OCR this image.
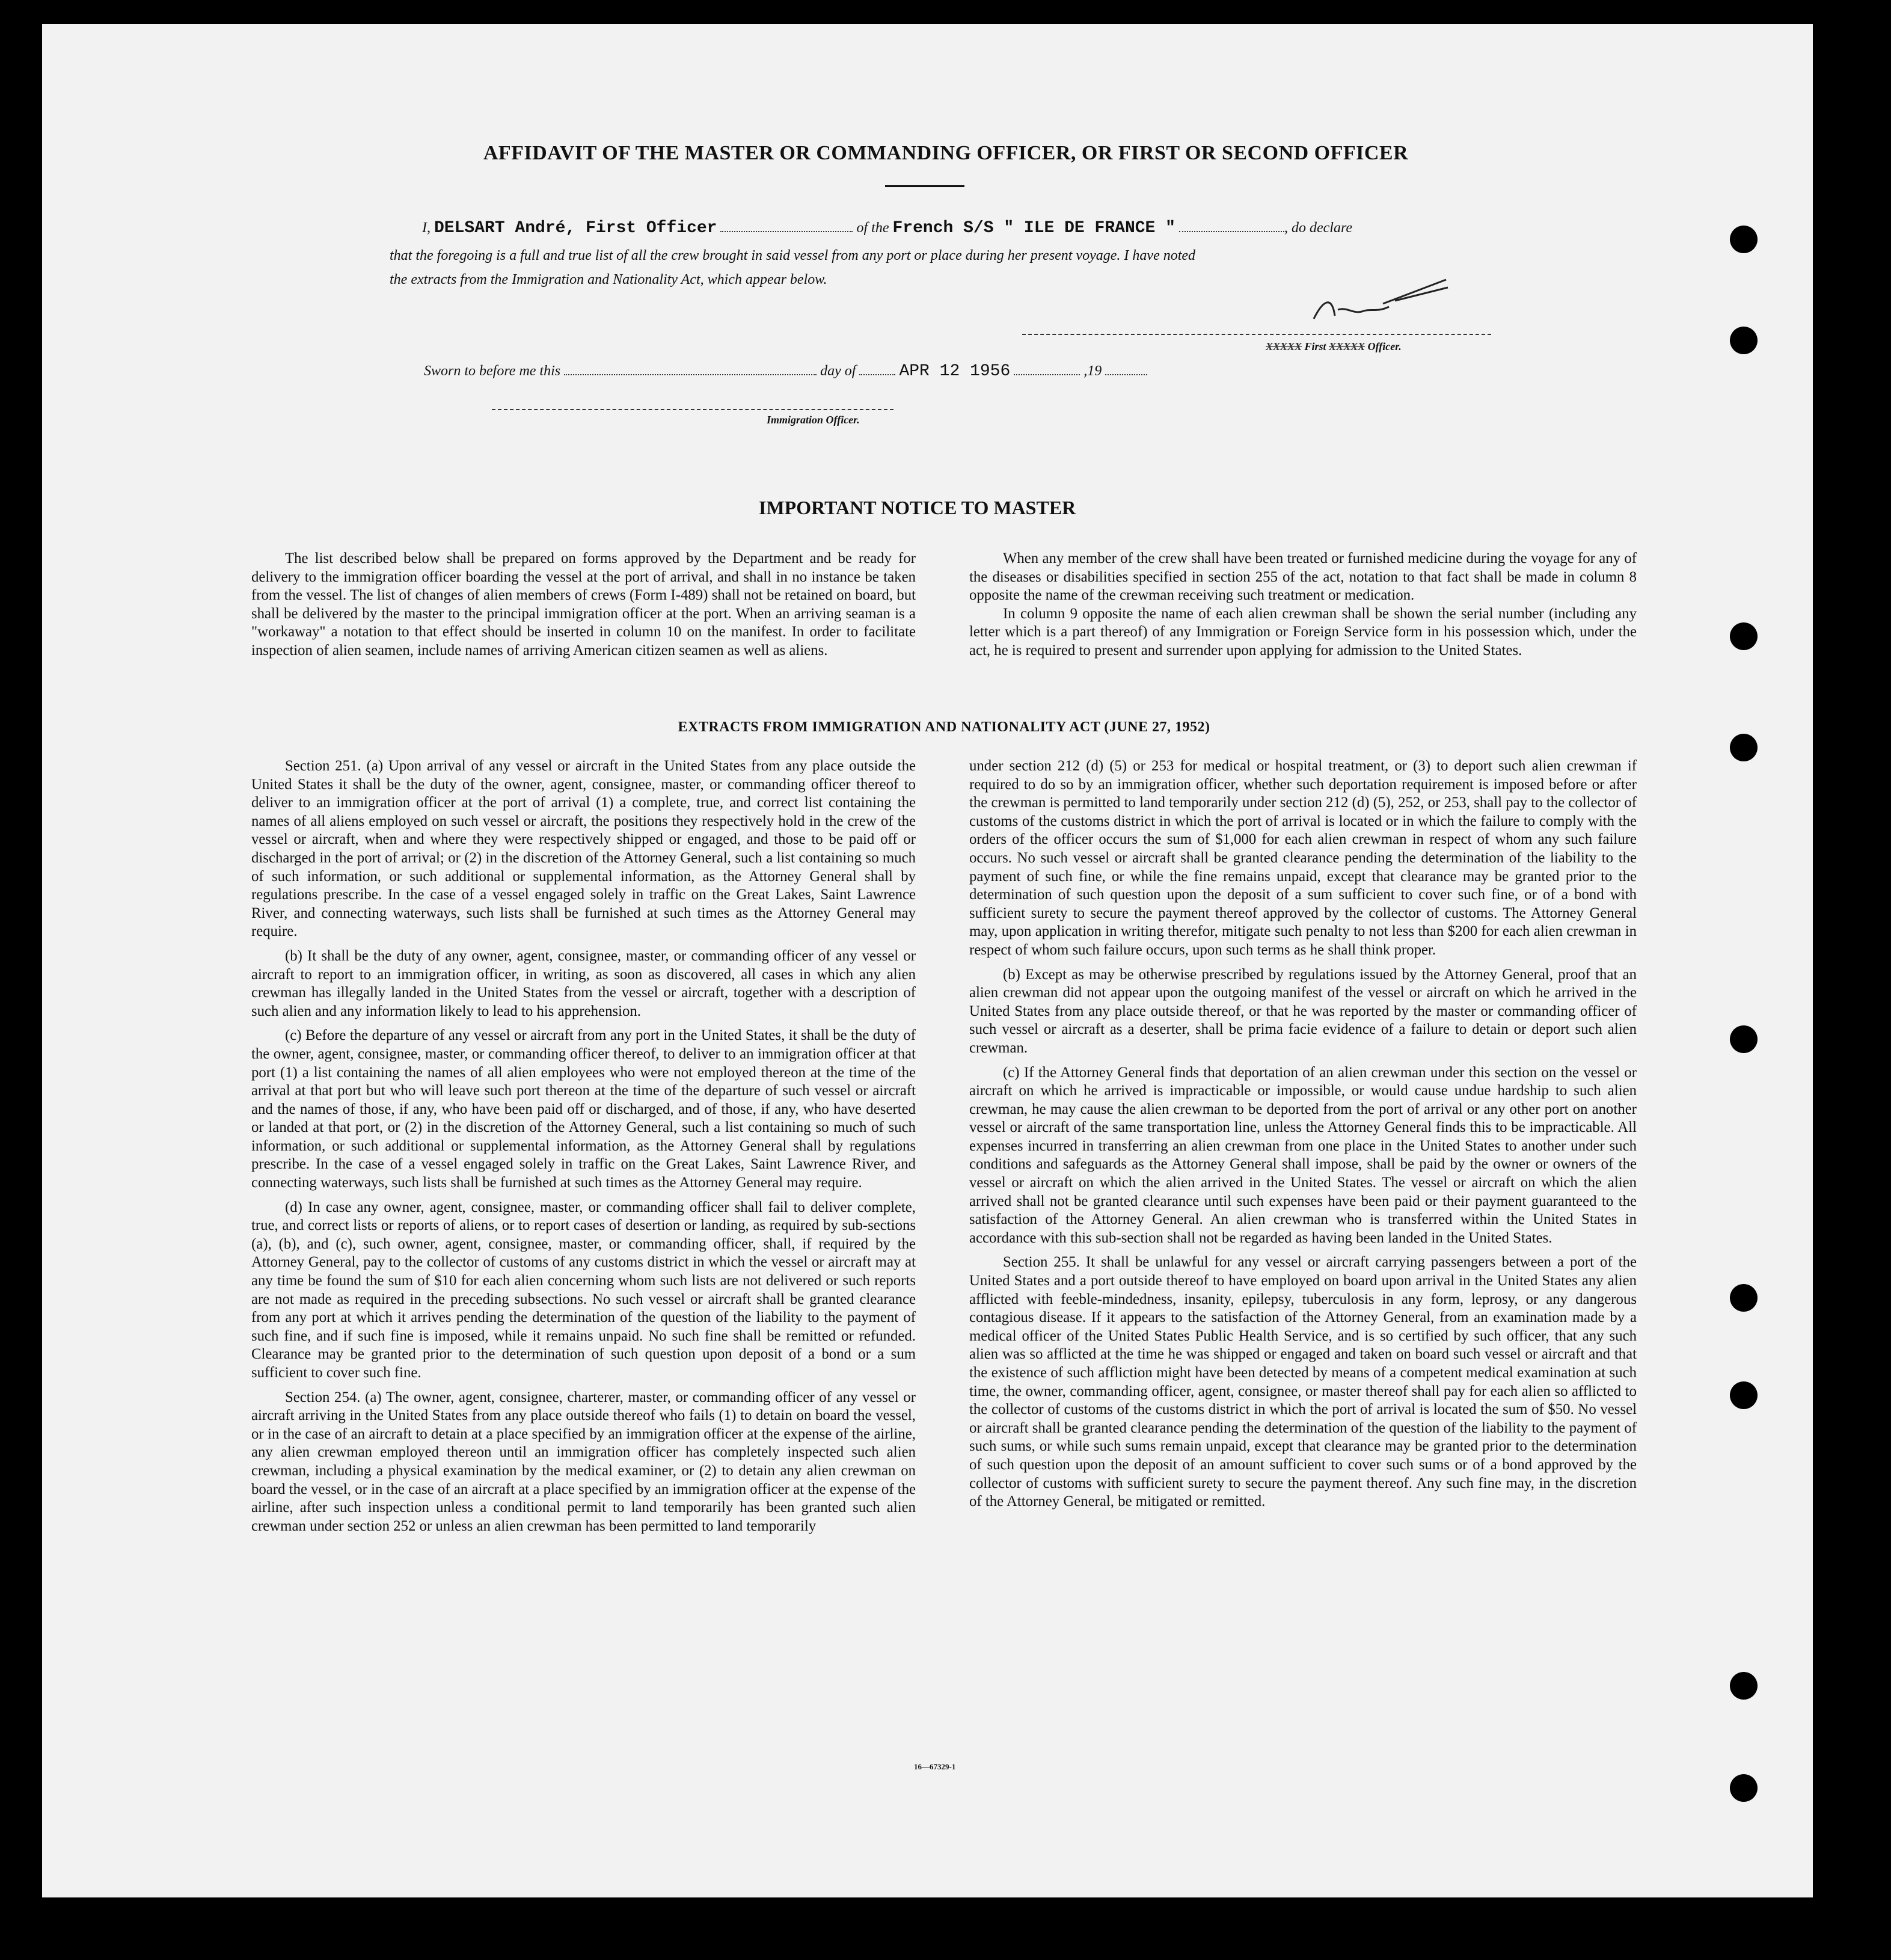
AFFIDAVIT OF THE MASTER OR COMMANDING OFFICER, OR FIRST OR SECOND OFFICER
I, DELSART André, First Officer	of the French S/S " ILE DE FRANCE "	, do declare
that the foregoing is a full and true list of all the crew brought in said vessel from any port or place during her present voyage. I have noted
the extracts from the Immigration and Nationality Act, which appear below.
XXXXX First XXXXX Officer.
Sworn to before me this	day of	APR 12 1956	,19
Immigration Officer.
IMPORTANT NOTICE TO MASTER

The list described below shall be prepared on forms approved by the Department and be ready for delivery to the immigration officer boarding the vessel at the port of arrival, and shall in no instance be taken from the vessel. The list of changes of alien members of crews (Form I-489) shall not be retained on board, but shall be delivered by the master to the principal immigration officer at the port. When an arriving seaman is a "workaway" a notation to that effect should be inserted in column 10 on the manifest. In order to facilitate inspection of alien seamen, include names of arriving American citizen seamen as well as aliens.

When any member of the crew shall have been treated or furnished medicine during the voyage for any of the diseases or disabilities specified in section 255 of the act, notation to that fact shall be made in column 8 opposite the name of the crewman receiving such treatment or medication.

In column 9 opposite the name of each alien crewman shall be shown the serial number (including any letter which is a part thereof) of any Immigration or Foreign Service form in his possession which, under the act, he is required to present and surrender upon applying for admission to the United States.

EXTRACTS FROM IMMIGRATION AND NATIONALITY ACT (JUNE 27, 1952)

Section 251. (a) Upon arrival of any vessel or aircraft in the United States from any place outside the United States it shall be the duty of the owner, agent, consignee, master, or commanding officer thereof to deliver to an immigration officer at the port of arrival (1) a complete, true, and correct list containing the names of all aliens employed on such vessel or aircraft, the positions they respectively hold in the crew of the vessel or aircraft, when and where they were respectively shipped or engaged, and those to be paid off or discharged in the port of arrival; or (2) in the discretion of the Attorney General, such a list containing so much of such information, or such additional or supplemental information, as the Attorney General shall by regulations prescribe. In the case of a vessel engaged solely in traffic on the Great Lakes, Saint Lawrence River, and connecting waterways, such lists shall be furnished at such times as the Attorney General may require.

(b) It shall be the duty of any owner, agent, consignee, master, or commanding officer of any vessel or aircraft to report to an immigration officer, in writing, as soon as discovered, all cases in which any alien crewman has illegally landed in the United States from the vessel or aircraft, together with a description of such alien and any information likely to lead to his apprehension.

(c) Before the departure of any vessel or aircraft from any port in the United States, it shall be the duty of the owner, agent, consignee, master, or commanding officer thereof, to deliver to an immigration officer at that port (1) a list containing the names of all alien employees who were not employed thereon at the time of the arrival at that port but who will leave such port thereon at the time of the departure of such vessel or aircraft and the names of those, if any, who have been paid off or discharged, and of those, if any, who have deserted or landed at that port, or (2) in the discretion of the Attorney General, such a list containing so much of such information, or such additional or supplemental information, as the Attorney General shall by regulations prescribe. In the case of a vessel engaged solely in traffic on the Great Lakes, Saint Lawrence River, and connecting waterways, such lists shall be furnished at such times as the Attorney General may require.

(d) In case any owner, agent, consignee, master, or commanding officer shall fail to deliver complete, true, and correct lists or reports of aliens, or to report cases of desertion or landing, as required by sub-sections (a), (b), and (c), such owner, agent, consignee, master, or commanding officer, shall, if required by the Attorney General, pay to the collector of customs of any customs district in which the vessel or aircraft may at any time be found the sum of $10 for each alien concerning whom such lists are not delivered or such reports are not made as required in the preceding subsections. No such vessel or aircraft shall be granted clearance from any port at which it arrives pending the determination of the question of the liability to the payment of such fine, and if such fine is imposed, while it remains unpaid. No such fine shall be remitted or refunded. Clearance may be granted prior to the determination of such question upon deposit of a bond or a sum sufficient to cover such fine.

Section 254. (a) The owner, agent, consignee, charterer, master, or commanding officer of any vessel or aircraft arriving in the United States from any place outside thereof who fails (1) to detain on board the vessel, or in the case of an aircraft to detain at a place specified by an immigration officer at the expense of the airline, any alien crewman employed thereon until an immigration officer has completely inspected such alien crewman, including a physical examination by the medical examiner, or (2) to detain any alien crewman on board the vessel, or in the case of an aircraft at a place specified by an immigration officer at the expense of the airline, after such inspection unless a conditional permit to land temporarily has been granted such alien crewman under section 252 or unless an alien crewman has been permitted to land temporarily

under section 212 (d) (5) or 253 for medical or hospital treatment, or (3) to deport such alien crewman if required to do so by an immigration officer, whether such deportation requirement is imposed before or after the crewman is permitted to land temporarily under section 212 (d) (5), 252, or 253, shall pay to the collector of customs of the customs district in which the port of arrival is located or in which the failure to comply with the orders of the officer occurs the sum of $1,000 for each alien crewman in respect of whom any such failure occurs. No such vessel or aircraft shall be granted clearance pending the determination of the liability to the payment of such fine, or while the fine remains unpaid, except that clearance may be granted prior to the determination of such question upon the deposit of a sum sufficient to cover such fine, or of a bond with sufficient surety to secure the payment thereof approved by the collector of customs. The Attorney General may, upon application in writing therefor, mitigate such penalty to not less than $200 for each alien crewman in respect of whom such failure occurs, upon such terms as he shall think proper.

(b) Except as may be otherwise prescribed by regulations issued by the Attorney General, proof that an alien crewman did not appear upon the outgoing manifest of the vessel or aircraft on which he arrived in the United States from any place outside thereof, or that he was reported by the master or commanding officer of such vessel or aircraft as a deserter, shall be prima facie evidence of a failure to detain or deport such alien crewman.

(c) If the Attorney General finds that deportation of an alien crewman under this section on the vessel or aircraft on which he arrived is impracticable or impossible, or would cause undue hardship to such alien crewman, he may cause the alien crewman to be deported from the port of arrival or any other port on another vessel or aircraft of the same transportation line, unless the Attorney General finds this to be impracticable. All expenses incurred in transferring an alien crewman from one place in the United States to another under such conditions and safeguards as the Attorney General shall impose, shall be paid by the owner or owners of the vessel or aircraft on which the alien arrived in the United States. The vessel or aircraft on which the alien arrived shall not be granted clearance until such expenses have been paid or their payment guaranteed to the satisfaction of the Attorney General. An alien crewman who is transferred within the United States in accordance with this sub-section shall not be regarded as having been landed in the United States.

Section 255. It shall be unlawful for any vessel or aircraft carrying passengers between a port of the United States and a port outside thereof to have employed on board upon arrival in the United States any alien afflicted with feeble-mindedness, insanity, epilepsy, tuberculosis in any form, leprosy, or any dangerous contagious disease. If it appears to the satisfaction of the Attorney General, from an examination made by a medical officer of the United States Public Health Service, and is so certified by such officer, that any such alien was so afflicted at the time he was shipped or engaged and taken on board such vessel or aircraft and that the existence of such affliction might have been detected by means of a competent medical examination at such time, the owner, commanding officer, agent, consignee, or master thereof shall pay for each alien so afflicted to the collector of customs of the customs district in which the port of arrival is located the sum of $50. No vessel or aircraft shall be granted clearance pending the determination of the question of the liability to the payment of such sums, or while such sums remain unpaid, except that clearance may be granted prior to the determination of such question upon the deposit of an amount sufficient to cover such sums or of a bond approved by the collector of customs with sufficient surety to secure the payment thereof. Any such fine may, in the discretion of the Attorney General, be mitigated or remitted.

16—67329-1
